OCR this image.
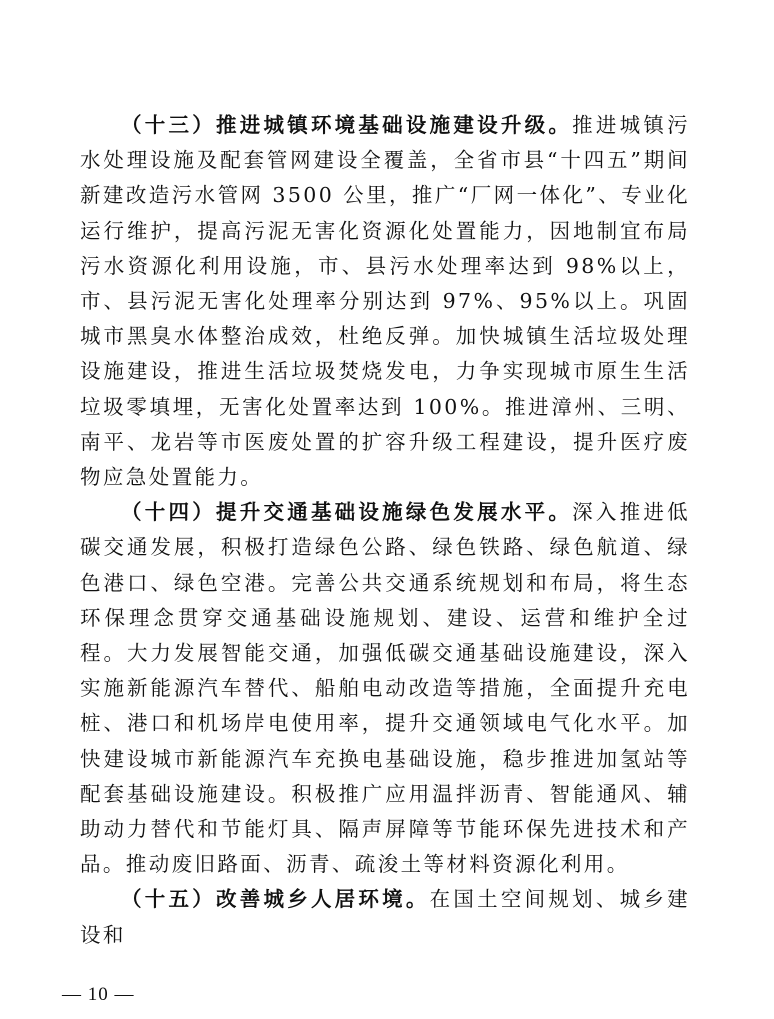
（十三）推进城镇环境基础设施建设升级。推进城镇污水处理设施及配套管网建设全覆盖，全省市县“十四五”期间新建改造污水管网 3500 公里，推广“厂网一体化”、专业化运行维护，提高污泥无害化资源化处置能力，因地制宜布局污水资源化利用设施，市、县污水处理率达到 98%以上，市、县污泥无害化处理率分别达到 97%、95%以上。巩固城市黑臭水体整治成效，杜绝反弹。加快城镇生活垃圾处理设施建设，推进生活垃圾焚烧发电，力争实现城市原生生活垃圾零填埋，无害化处置率达到 100%。推进漳州、三明、南平、龙岩等市医废处置的扩容升级工程建设，提升医疗废物应急处置能力。

（十四）提升交通基础设施绿色发展水平。深入推进低碳交通发展，积极打造绿色公路、绿色铁路、绿色航道、绿色港口、绿色空港。完善公共交通系统规划和布局，将生态环保理念贯穿交通基础设施规划、建设、运营和维护全过程。大力发展智能交通，加强低碳交通基础设施建设，深入实施新能源汽车替代、船舶电动改造等措施，全面提升充电桩、港口和机场岸电使用率，提升交通领域电气化水平。加快建设城市新能源汽车充换电基础设施，稳步推进加氢站等配套基础设施建设。积极推广应用温拌沥青、智能通风、辅助动力替代和节能灯具、隔声屏障等节能环保先进技术和产品。推动废旧路面、沥青、疏浚土等材料资源化利用。

（十五）改善城乡人居环境。在国土空间规划、城乡建设和

— 10 —
